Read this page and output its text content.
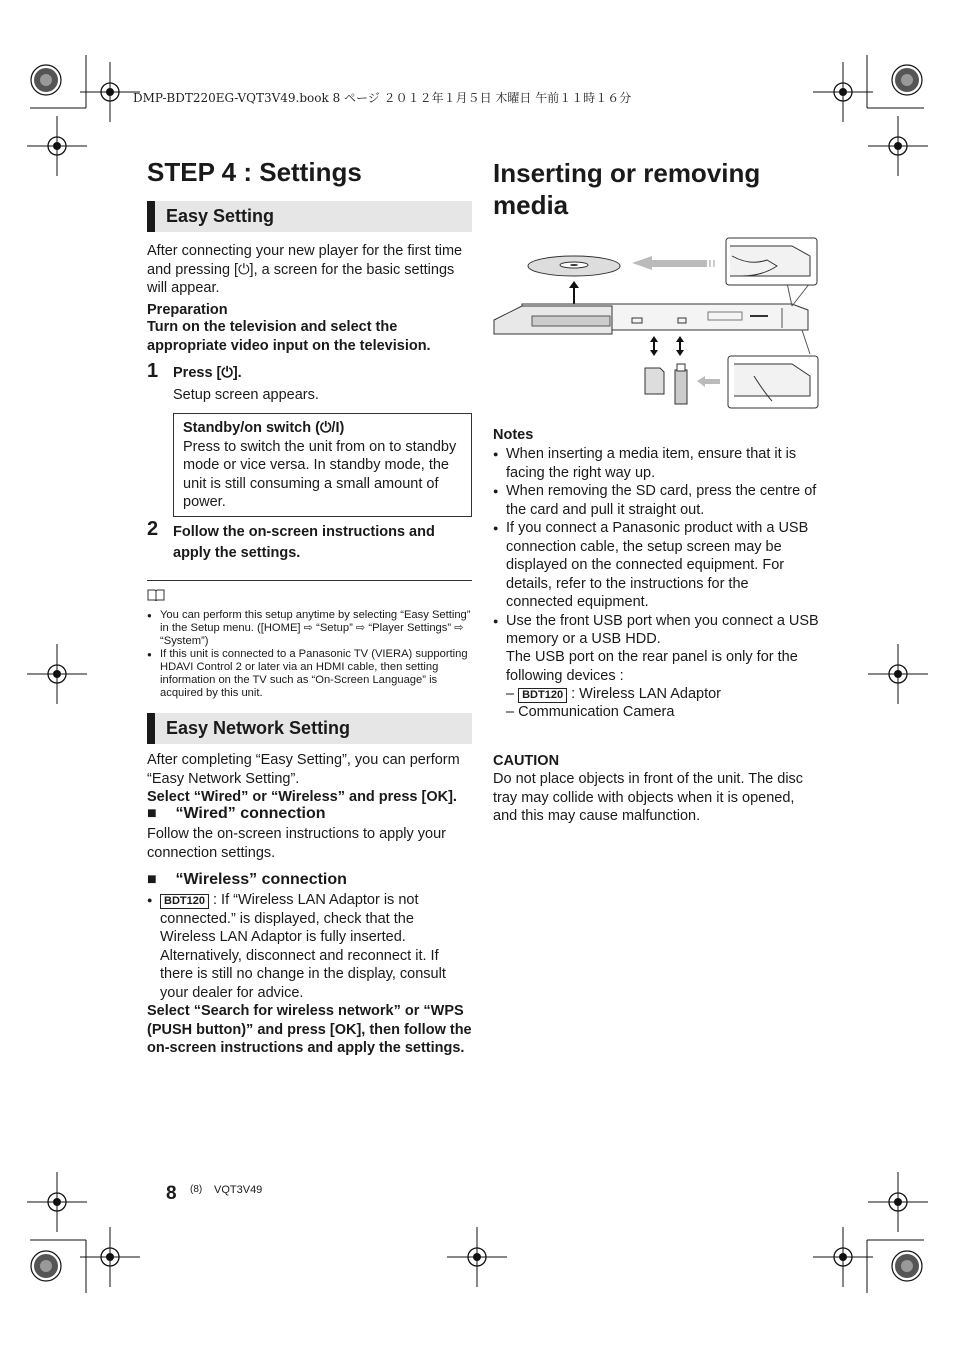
DMP-BDT220EG-VQT3V49.book 8 ページ ２０１２年１月５日 木曜日 午前１１時１６分
STEP 4 : Settings
Easy Setting

After connecting your new player for the first time and pressing [⏻], a screen for the basic settings will appear.

Preparation

Turn on the television and select the appropriate video input on the television.

1 Press [⏻].

Setup screen appears.

Standby/on switch (⏻/I)
Press to switch the unit from on to standby mode or vice versa. In standby mode, the unit is still consuming a small amount of power.
2 Follow the on-screen instructions and apply the settings.

● You can perform this setup anytime by selecting “Easy Setting” in the Setup menu. ([HOME] ⇨ “Setup” ⇨ “Player Settings” ⇨ “System”)
● If this unit is connected to a Panasonic TV (VIERA) supporting HDAVI Control 2 or later via an HDMI cable, then setting information on the TV such as “On-Screen Language” is acquired by this unit.
Easy Network Setting

After completing “Easy Setting”, you can perform “Easy Network Setting”.

Select “Wired” or “Wireless” and press [OK].

■ “Wired” connection

Follow the on-screen instructions to apply your connection settings.

■ “Wireless” connection
● BDT120 : If “Wireless LAN Adaptor is not connected.” is displayed, check that the Wireless LAN Adaptor is fully inserted. Alternatively, disconnect and reconnect it. If there is still no change in the display, consult your dealer for advice.

Select “Search for wireless network” or “WPS (PUSH button)” and press [OK], then follow the on-screen instructions and apply the settings.

Inserting or removing media

Notes

● When inserting a media item, ensure that it is facing the right way up.
● When removing the SD card, press the centre of the card and pull it straight out.
● If you connect a Panasonic product with a USB connection cable, the setup screen may be displayed on the connected equipment. For details, refer to the instructions for the connected equipment.
● Use the front USB port when you connect a USB memory or a USB HDD.

The USB port on the rear panel is only for the following devices :

– BDT120 : Wireless LAN Adaptor
– Communication Camera

CAUTION

Do not place objects in front of the unit. The disc tray may collide with objects when it is opened, and this may cause malfunction.

8 (8) VQT3V49
